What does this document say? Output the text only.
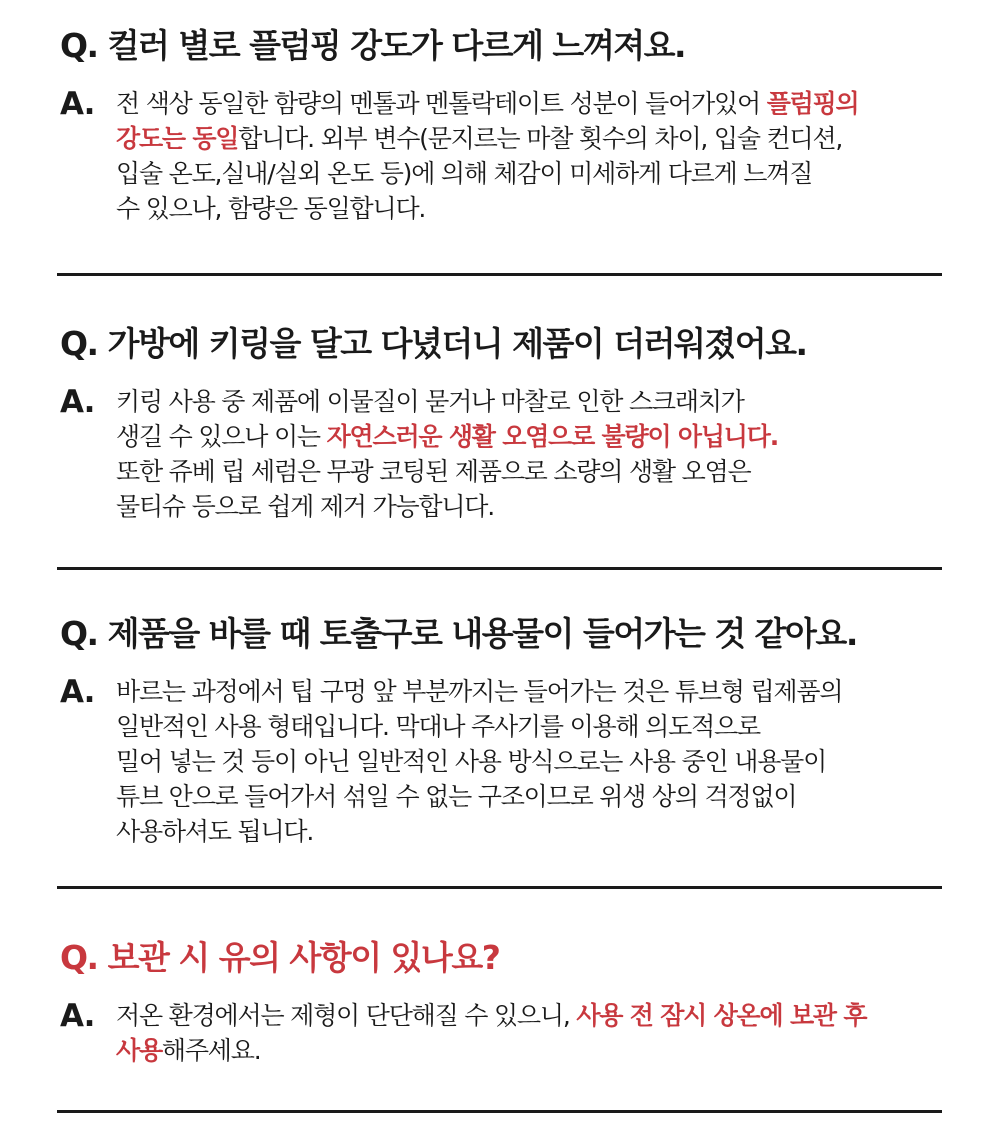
Q. 컬러 별로 플럼핑 강도가 다르게 느껴져요.
A. 전 색상 동일한 함량의 멘톨과 멘톨락테이트 성분이 들어가있어 플럼핑의

강도는 동일합니다. 외부 변수(문지르는 마찰 횟수의 차이, 입술 컨디션,

입술 온도,실내/실외 온도 등)에 의해 체감이 미세하게 다르게 느껴질

수 있으나, 함량은 동일합니다.

Q. 가방에 키링을 달고 다녔더니 제품이 더러워졌어요.
A. 키링 사용 중 제품에 이물질이 묻거나 마찰로 인한 스크래치가

생길 수 있으나 이는 자연스러운 생활 오염으로 불량이 아닙니다.

또한 쥬베 립 세럼은 무광 코팅된 제품으로 소량의 생활 오염은

물티슈 등으로 쉽게 제거 가능합니다.

Q. 제품을 바를 때 토출구로 내용물이 들어가는 것 같아요.
A. 바르는 과정에서 팁 구멍 앞 부분까지는 들어가는 것은 튜브형 립제품의

일반적인 사용 형태입니다. 막대나 주사기를 이용해 의도적으로

밀어 넣는 것 등이 아닌 일반적인 사용 방식으로는 사용 중인 내용물이

튜브 안으로 들어가서 섞일 수 없는 구조이므로 위생 상의 걱정없이

사용하셔도 됩니다.

Q. 보관 시 유의 사항이 있나요?
A. 저온 환경에서는 제형이 단단해질 수 있으니, 사용 전 잠시 상온에 보관 후

사용해주세요.
